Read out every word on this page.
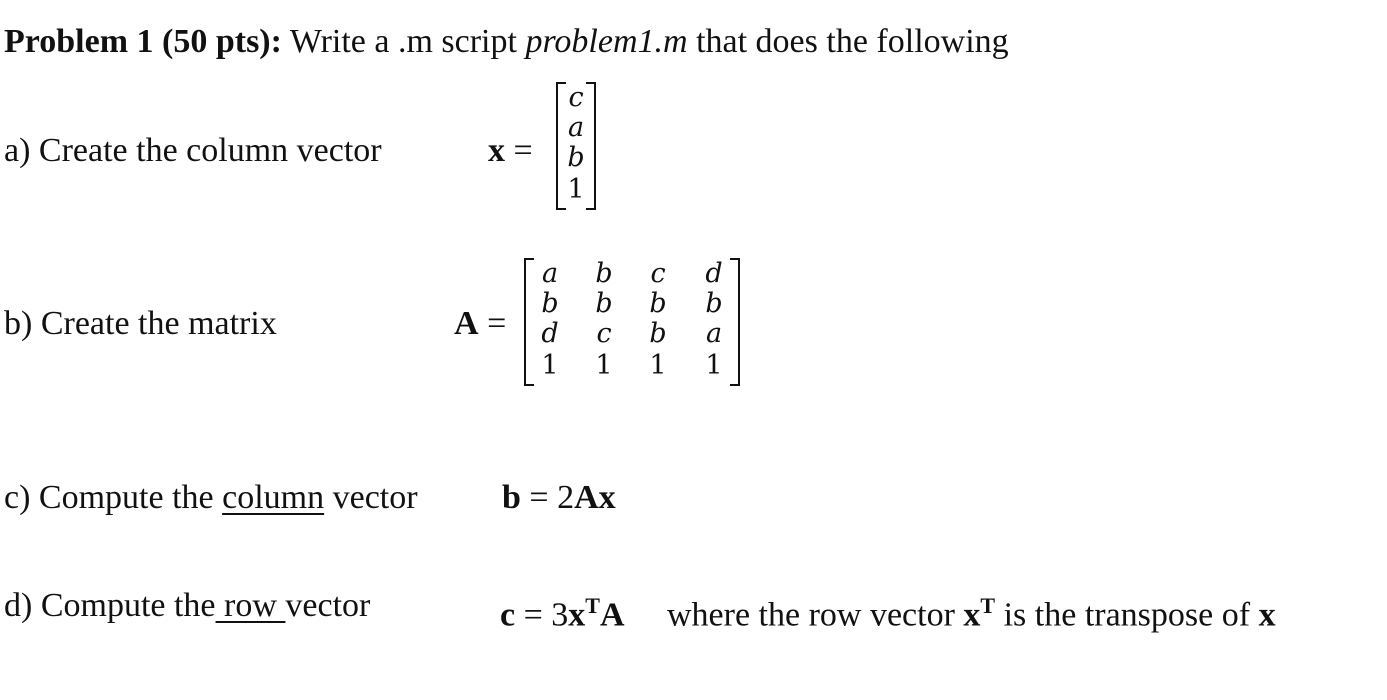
Problem 1 (50 pts): Write a .m script problem1.m that does the following
a) Create the column vector	x =
c
a
b
1
b) Create the matrix	A =
a	b	c	d
b	b	b	b
d	c	b	a
1	1	1	1
c) Compute the column vector b = 2Ax
d) Compute the row vector	$c = 3x^TA$ where the row vector $x^T$ is the transpose of x
